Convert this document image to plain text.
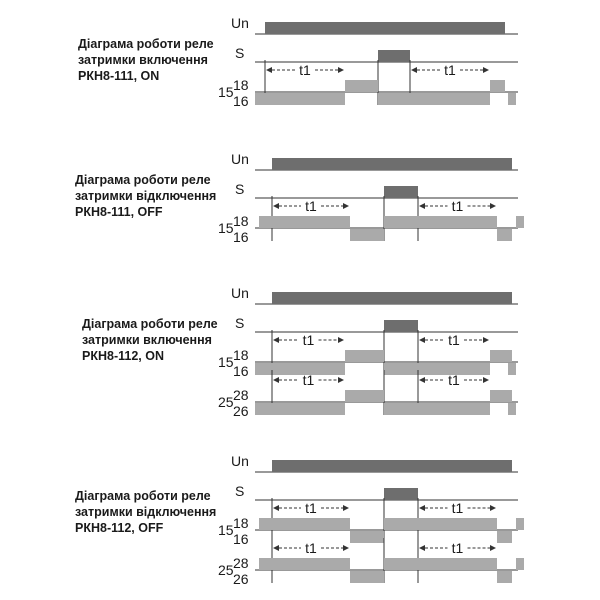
Діаграма роботи реле
затримки включення
РКН8-111, ON
Un
S
15 18
16
t1	t1
Діаграма роботи реле
затримки відключення
РКН8-111, OFF
Un
S
15 18
16
t1	t1
Діаграма роботи реле
затримки включення
РКН8-112, ON
Un
S
15 18
16
t1	t1
25 28
26
t1	t1
Діаграма роботи реле
затримки відключення
РКН8-112, OFF
Un
S
15 18
16
t1	t1
25 28
26
t1	t1
